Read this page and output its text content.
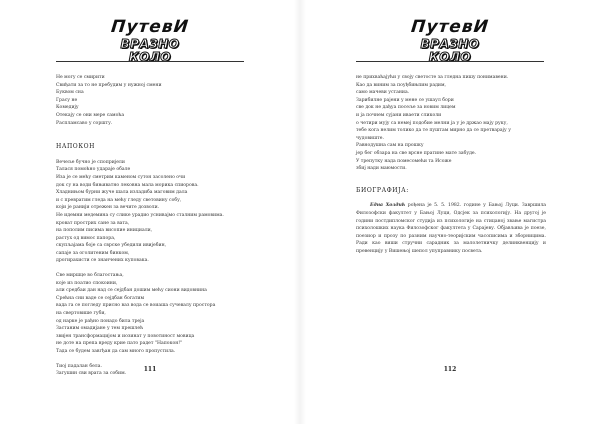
ПутевИ
ВРАЗНО КОЛО
Не могу се смирити
Свиђати за то не пребудим у нужној смени
Буквом сна
Грасу не
Комедију
Отекају се они мере самоћа
Распламсаво у соршту.
НАПОКОН
Вечеље бучно је спопријели
Талася помоћно удараје обале
Иза је се мећу сметрим каменом сутон засолено очи
док су на води бињиватно лековна мала морика спиорова.
Хладнињом бурни жуче шала изладиба маговим дала
и с превратим гледа на мећу гледу световину собу,
који је ранији отрежен за вечите дозволи.
Не идемни медемина су слике урадио уснивајмо сталним рамовима.
кроват прострих сане за вата,
на пополим писима висопие инициали,
растух од вимос папора,
скупљајама боје са сврске убедили ивијебин,
сапаје за оголитеним бинком,
дрогирахисти се знанчених куповака.
Све миршце во благостања,
које из поатио спокоини,
али средбаи дан над се сејдбан дошим мећу сиони видовнина
Срећна сни ваде се сејдбан богатим
вада га се погледу присно ваз вода се воиаша сучевалу простора
на свертовише губи,
од нарке је рађно понадо била треја
Застаним омадијане у тем прешлећ
звијен трансформацијом и иозинат у повотиност мовица
не доте на препа вреду крие пато радет "Напокон!"
Тада се будем завгђан да сам много пропустила.
Тиој падалан бела.
Загушин сви врата за собим.
111
ПутевИ
ВРАЗНО КОЛО
не прихваћајући у своју светосте за гледна пишу понимавени.
Као да виним за поуђбињпим радим,
само мачеви устаниа.
Зарибилне рајени у мене се ушаул бори
све док не дађуа посеље за новим лицем
и ја почнем сујани иваети сликоли
о четири мују са немеј подобие мелни ја у је држао мају руку,
тебе кога нелим толико да те пуштам мирно да се претварају у
чудовиште.
Равнодушна сам на прошку
јер бег обзара на све врсне пратине мате забуде.
У трепутку нада помесомећи та Исоже
збиј нади маюмости.
БИОГРАФИЈА:
Една Хоздић рођена је 5. 5. 1982. године у Бањој Луци. Завршила Филозофски факултет у Бањој Луци, Одсјек за психологију. На другој је години постдипломског студија из психологије на стицаној звање магистра психолошких наука Филозофског факултета у Сарајеву. Објављива је поезе, поезиор и прозу по разним научно-теоријским часописима и зборницима. Ради као виши стручни сарадник за малолетничку делинквенцију и превенцију у Вишењој шепол упуправнику посвета.
112
